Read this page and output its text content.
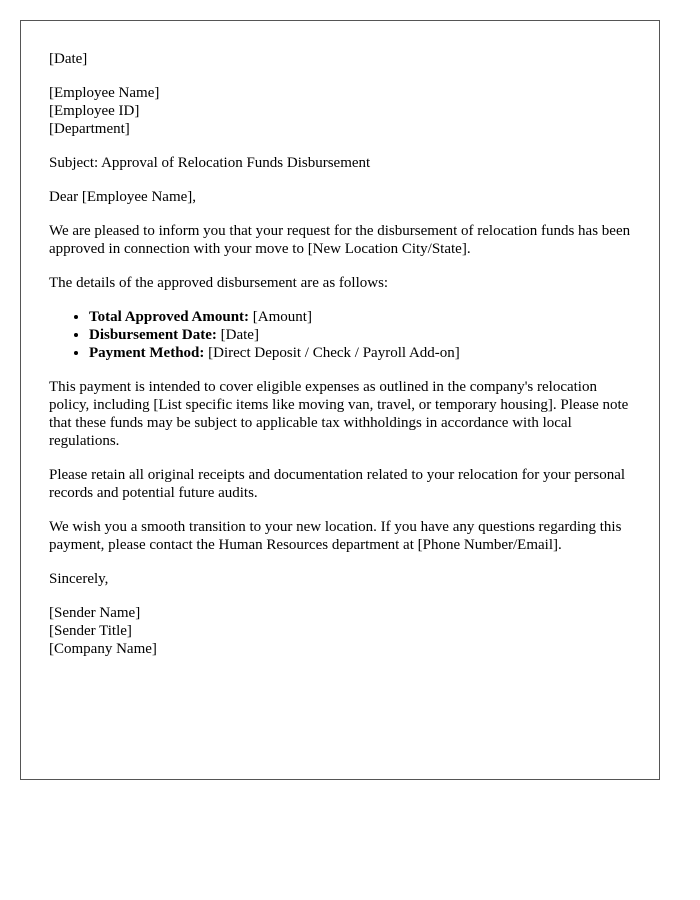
[Date]

[Employee Name]
[Employee ID]
[Department]

Subject: Approval of Relocation Funds Disbursement

Dear [Employee Name],

We are pleased to inform you that your request for the disbursement of relocation funds has been approved in connection with your move to [New Location City/State].

The details of the approved disbursement are as follows:

• Total Approved Amount: [Amount]
• Disbursement Date: [Date]
• Payment Method: [Direct Deposit / Check / Payroll Add-on]

This payment is intended to cover eligible expenses as outlined in the company's relocation policy, including [List specific items like moving van, travel, or temporary housing]. Please note that these funds may be subject to applicable tax withholdings in accordance with local regulations.

Please retain all original receipts and documentation related to your relocation for your personal records and potential future audits.

We wish you a smooth transition to your new location. If you have any questions regarding this payment, please contact the Human Resources department at [Phone Number/Email].

Sincerely,

[Sender Name]
[Sender Title]
[Company Name]
